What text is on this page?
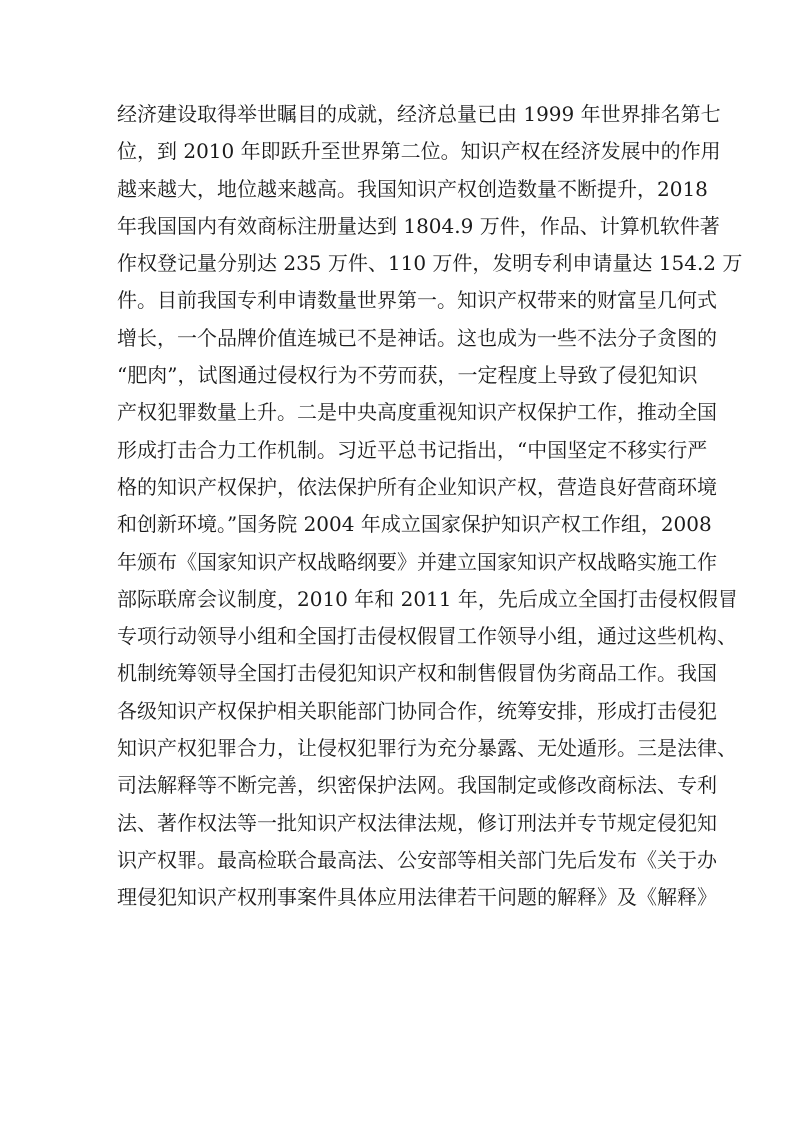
经济建设取得举世瞩目的成就，经济总量已由 1999 年世界排名第七
位，到 2010 年即跃升至世界第二位。知识产权在经济发展中的作用
越来越大，地位越来越高。我国知识产权创造数量不断提升，2018
年我国国内有效商标注册量达到 1804.9 万件，作品、计算机软件著
作权登记量分别达 235 万件、110 万件，发明专利申请量达 154.2 万
件。目前我国专利申请数量世界第一。知识产权带来的财富呈几何式
增长，一个品牌价值连城已不是神话。这也成为一些不法分子贪图的
“肥肉”，试图通过侵权行为不劳而获，一定程度上导致了侵犯知识
产权犯罪数量上升。二是中央高度重视知识产权保护工作，推动全国
形成打击合力工作机制。习近平总书记指出，“中国坚定不移实行严
格的知识产权保护，依法保护所有企业知识产权，营造良好营商环境
和创新环境。”国务院 2004 年成立国家保护知识产权工作组，2008
年颁布《国家知识产权战略纲要》并建立国家知识产权战略实施工作
部际联席会议制度，2010 年和 2011 年，先后成立全国打击侵权假冒
专项行动领导小组和全国打击侵权假冒工作领导小组，通过这些机构、
机制统筹领导全国打击侵犯知识产权和制售假冒伪劣商品工作。我国
各级知识产权保护相关职能部门协同合作，统筹安排，形成打击侵犯
知识产权犯罪合力，让侵权犯罪行为充分暴露、无处遁形。三是法律、
司法解释等不断完善，织密保护法网。我国制定或修改商标法、专利
法、著作权法等一批知识产权法律法规，修订刑法并专节规定侵犯知
识产权罪。最高检联合最高法、公安部等相关部门先后发布《关于办
理侵犯知识产权刑事案件具体应用法律若干问题的解释》及《解释》
